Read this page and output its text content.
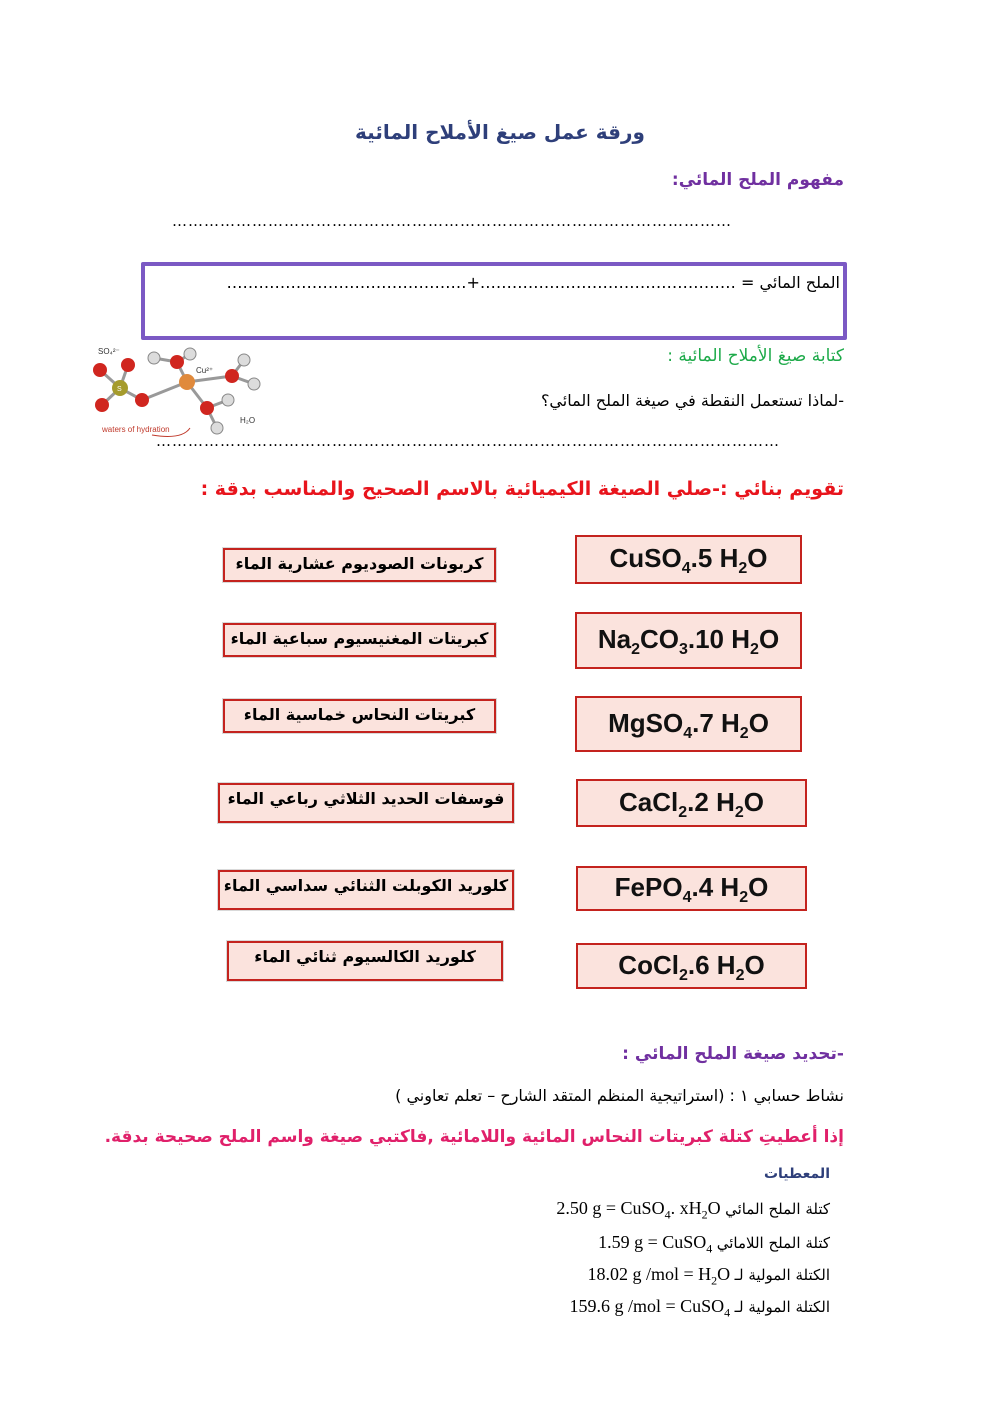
ورقة عمل صيغ الأملاح المائية
مفهوم الملح المائي:
……………………………………………………………………………………………
الملح المائي = …………………………………………+………………………………………
SO₄²⁻
Cu²⁺
S
H₂O
waters of hydration
كتابة صيغ الأملاح المائية :
-لماذا تستعمل النقطة في صيغة الملح المائي؟
………………………………………………………………………………………………………
تقويم بنائي :-صلي الصيغة الكيميائية بالاسم الصحيح والمناسب بدقة :
كربونات الصوديوم عشارية الماء
كبريتات المغنيسيوم سباعية الماء
كبريتات النحاس خماسية الماء
فوسفات الحديد الثلاثي رباعي الماء
كلوريد الكوبلت الثنائي سداسي الماء
كلوريد الكالسيوم ثنائي الماء
CuSO$_4$.5 $H_2O$
$Na_2CO_3.10$ $H_2O$
MgSO$_4$.7 $H_2O$
CaCl$_2$.2 $H_2O$
FePO$_4$.4 $H_2O$
CoCl$_2$.6 $H_2O$
-تحديد صيغة الملح المائي :
نشاط حسابي ١ : (استراتيجية المنظم المتقد الشارح – تعلم تعاوني )
إذا أعطيتِ كتلة كبريتات النحاس المائية واللامائية ,فاكتبي صيغة واسم الملح صحيحة بدقة.
المعطيات
2.50 g = CuSO$_4$. $xH_2O$ كتلة الملح المائي
1.59 g = CuSO$_4$ كتلة الملح اللامائي
18.02 g $/mol = H_2O$ الكتلة المولية لـ
159.6 g /mol = CuSO$_4$ الكتلة المولية لـ
